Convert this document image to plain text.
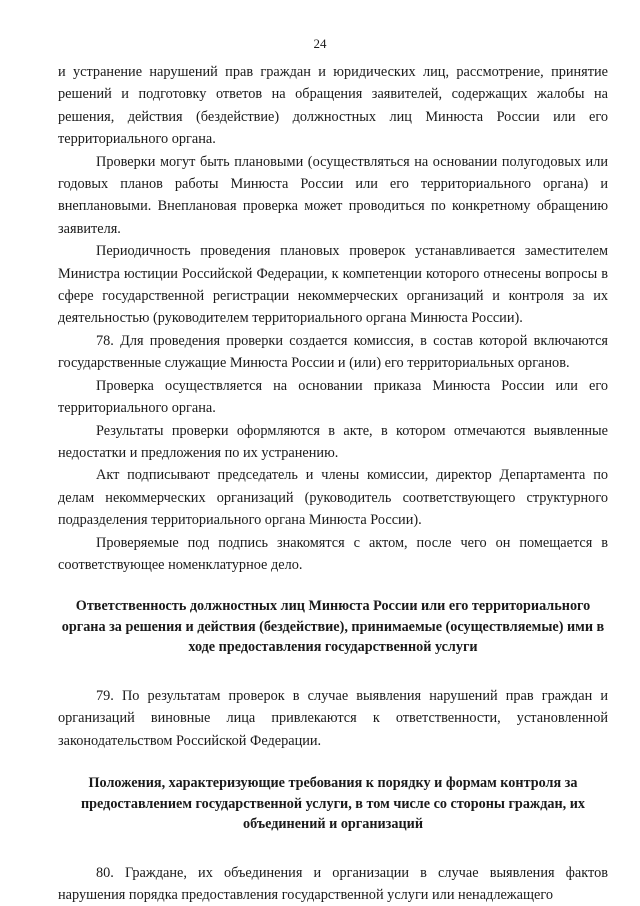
24

и устранение нарушений прав граждан и юридических лиц, рассмотрение, принятие решений и подготовку ответов на обращения заявителей, содержащих жалобы на решения, действия (бездействие) должностных лиц Минюста России или его территориального органа.

Проверки могут быть плановыми (осуществляться на основании полугодовых или годовых планов работы Минюста России или его территориального органа) и внеплановыми. Внеплановая проверка может проводиться по конкретному обращению заявителя.

Периодичность проведения плановых проверок устанавливается заместителем Министра юстиции Российской Федерации, к компетенции которого отнесены вопросы в сфере государственной регистрации некоммерческих организаций и контроля за их деятельностью (руководителем территориального органа Минюста России).

78. Для проведения проверки создается комиссия, в состав которой включаются государственные служащие Минюста России и (или) его территориальных органов.

Проверка осуществляется на основании приказа Минюста России или его территориального органа.

Результаты проверки оформляются в акте, в котором отмечаются выявленные недостатки и предложения по их устранению.

Акт подписывают председатель и члены комиссии, директор Департамента по делам некоммерческих организаций (руководитель соответствующего структурного подразделения территориального органа Минюста России).

Проверяемые под подпись знакомятся с актом, после чего он помещается в соответствующее номенклатурное дело.

Ответственность должностных лиц Минюста России или его территориального органа за решения и действия (бездействие), принимаемые (осуществляемые) ими в ходе предоставления государственной услуги

79. По результатам проверок в случае выявления нарушений прав граждан и организаций виновные лица привлекаются к ответственности, установленной законодательством Российской Федерации.

Положения, характеризующие требования к порядку и формам контроля за предоставлением государственной услуги, в том числе со стороны граждан, их объединений и организаций

80. Граждане, их объединения и организации в случае выявления фактов нарушения порядка предоставления государственной услуги или ненадлежащего
